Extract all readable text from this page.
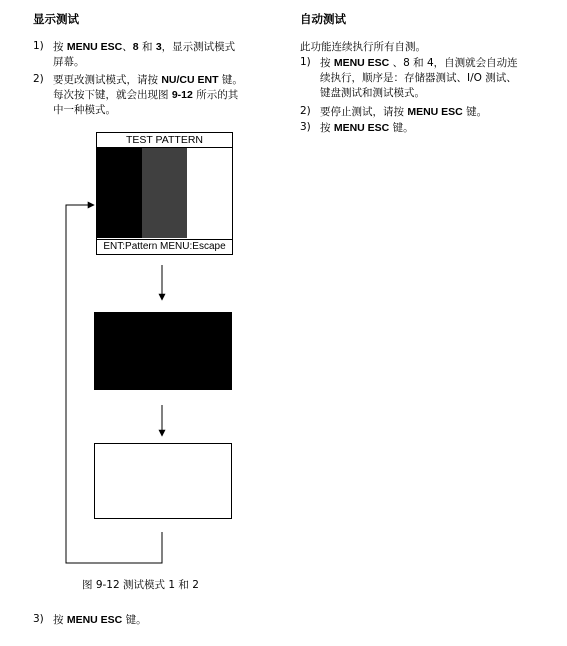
显示测试
1) 按 MENU ESC、8 和 3，显示测试模式
屏幕。
2) 要更改测试模式，请按 NU/CU ENT 键。
每次按下键，就会出现图 9-12 所示的其
中一种模式。
TEST PATTERN
ENT:Pattern MENU:Escape
图 9-12 测试模式 1 和 2
3) 按 MENU ESC 键。
自动测试
此功能连续执行所有自测。
1) 按 MENU ESC 、8 和 4，自测就会自动连
续执行，顺序是：存储器测试、I/O 测试、
键盘测试和测试模式。
2) 要停止测试，请按 MENU ESC 键。
3) 按 MENU ESC 键。
